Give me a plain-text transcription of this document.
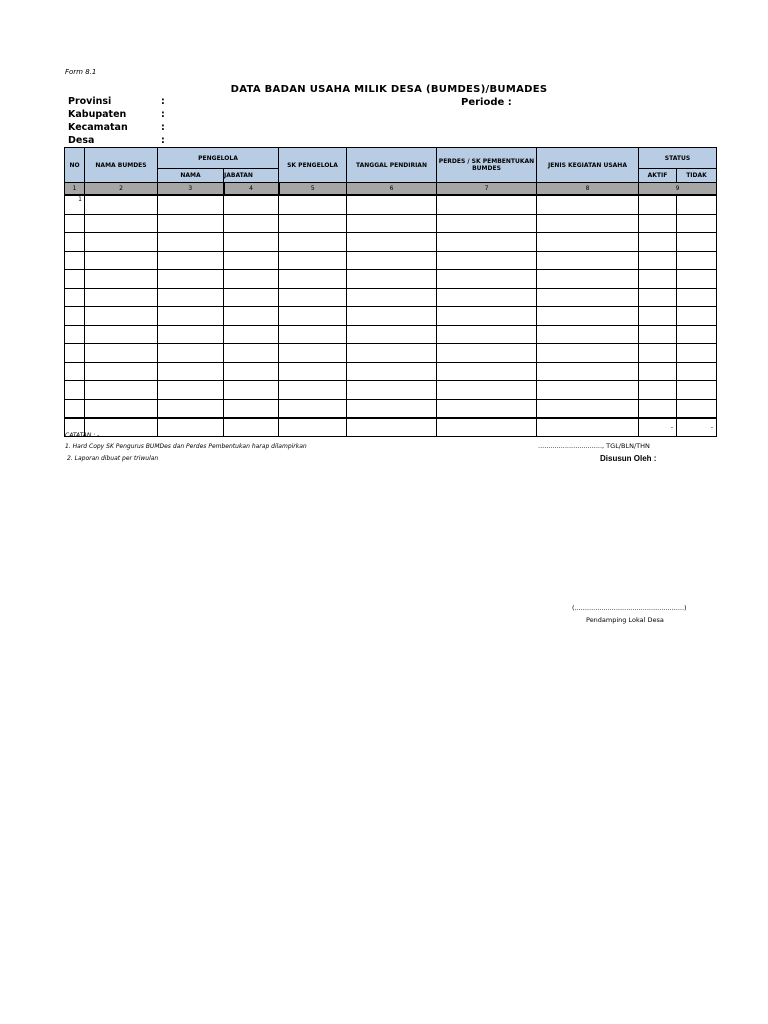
Form 8.1
DATA BADAN USAHA MILIK DESA (BUMDES)/BUMADES
Provinsi	:
Kabupaten	:
Kecamatan	:
Desa	:
Periode :
NO	NAMA BUMDES	PENGELOLA		SK PENGELOLA	TANGGAL PENDIRIAN	PERDES / SK PEMBENTUKAN BUMDES	JENIS KEGIATAN USAHA	STATUS	
		NAMA	JABATAN					AKTIF	TIDAK
1	2	3	4	5	6	7	8	9	
1									

								-	-
CATATAN : -
1. Hard Copy SK Pengurus BUMDes dan Perdes Pembentukan harap dilampirkan
2. Laporan dibuat per triwulan
..............................., TGL/BLN/THN
Disusun Oleh :
(.....................................................)
Pendamping Lokal Desa
